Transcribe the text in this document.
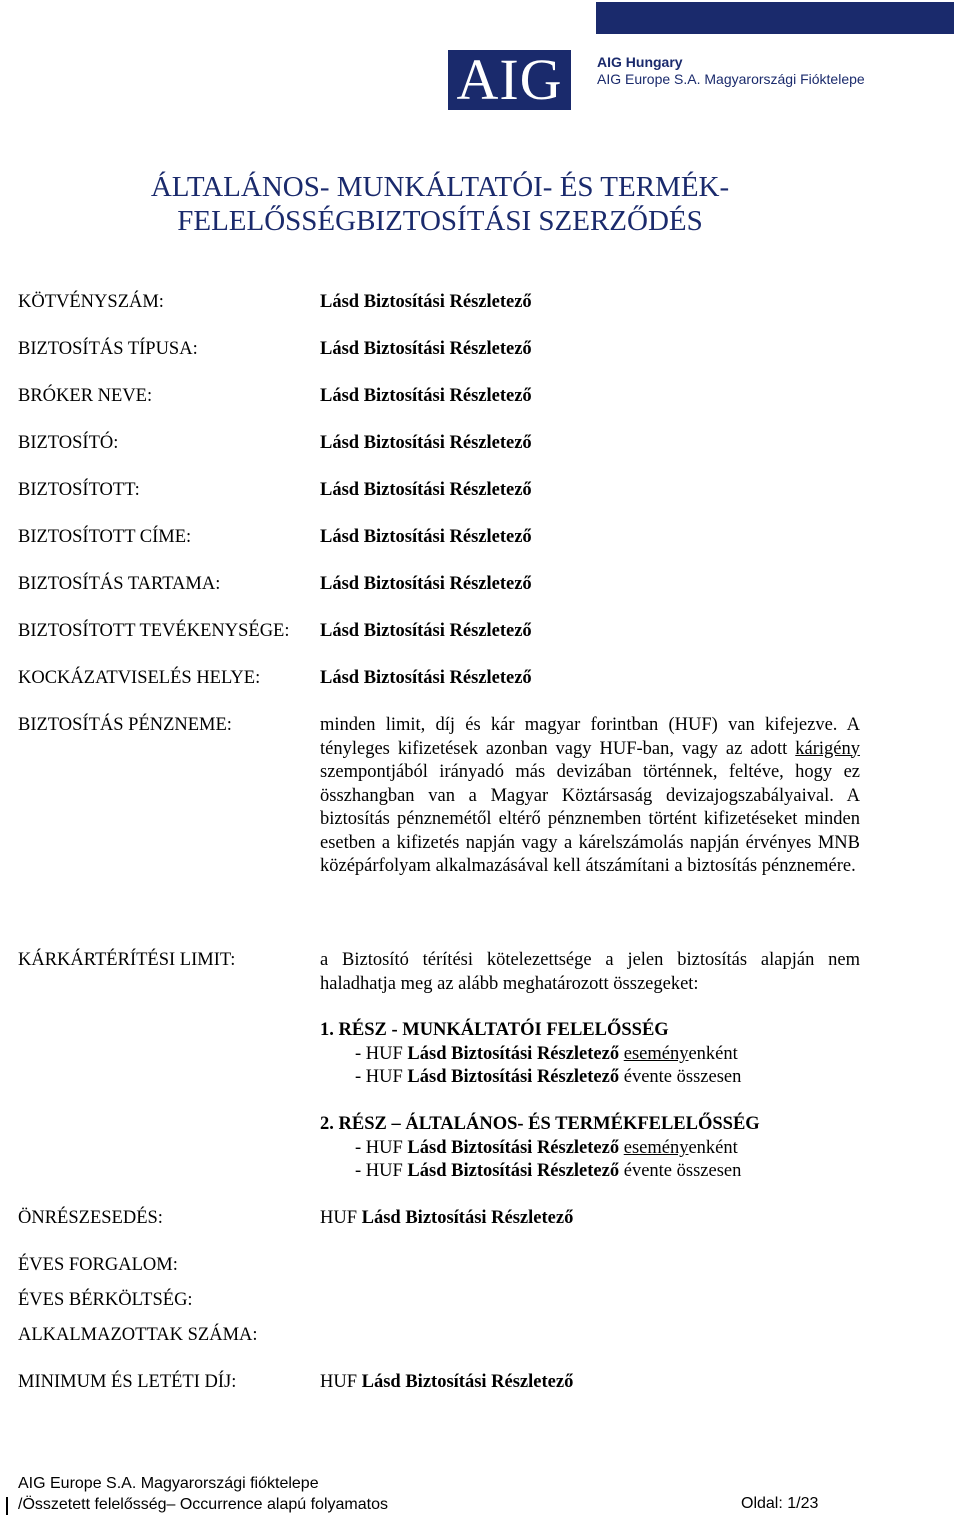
AIG	AIG Hungary
AIG Europe S.A. Magyarországi Fióktelepe
ÁLTALÁNOS- MUNKÁLTATÓI- ÉS TERMÉK-
FELELŐSSÉGBIZTOSÍTÁSI SZERZŐDÉS
KÖTVÉNYSZÁM:	Lásd Biztosítási Részletező
BIZTOSÍTÁS TÍPUSA:	Lásd Biztosítási Részletező
BRÓKER NEVE:	Lásd Biztosítási Részletező
BIZTOSÍTÓ:	Lásd Biztosítási Részletező
BIZTOSÍTOTT:	Lásd Biztosítási Részletező
BIZTOSÍTOTT CÍME:	Lásd Biztosítási Részletező
BIZTOSÍTÁS TARTAMA:	Lásd Biztosítási Részletező
BIZTOSÍTOTT TEVÉKENYSÉGE: Lásd Biztosítási Részletező
KOCKÁZATVISELÉS HELYE:	Lásd Biztosítási Részletező
BIZTOSÍTÁS PÉNZNEME:	minden limit, díj és kár magyar forintban (HUF) van kifejezve. A tényleges kifizetések azonban vagy HUF-ban, vagy az adott kárigény szempontjából irányadó más devizában történnek, feltéve, hogy ez összhangban van a Magyar Köztársaság devizajogszabályaival. A biztosítás pénznemétől eltérő pénznemben történt kifizetéseket minden esetben a kifizetés napján vagy a kárelszámolás napján érvényes MNB középárfolyam alkalmazásával kell átszámítani a biztosítás pénznemére.
KÁRKÁRTÉRÍTÉSI LIMIT:	a Biztosító térítési kötelezettsége a jelen biztosítás alapján nem haladhatja meg az alább meghatározott összegeket:
1. RÉSZ - MUNKÁLTATÓI FELELŐSSÉG
- HUF Lásd Biztosítási Részletező eseményenként
- HUF Lásd Biztosítási Részletező évente összesen
2. RÉSZ – ÁLTALÁNOS- ÉS TERMÉKFELELŐSSÉG
- HUF Lásd Biztosítási Részletező eseményenként
- HUF Lásd Biztosítási Részletező évente összesen
ÖNRÉSZESEDÉS:	HUF Lásd Biztosítási Részletező
ÉVES FORGALOM:
ÉVES BÉRKÖLTSÉG:
ALKALMAZOTTAK SZÁMA:
MINIMUM ÉS LETÉTI DÍJ:	HUF Lásd Biztosítási Részletező
AIG Europe S.A. Magyarországi fióktelepe
/Összetett felelősség– Occurrence alapú folyamatos	Oldal: 1/23
